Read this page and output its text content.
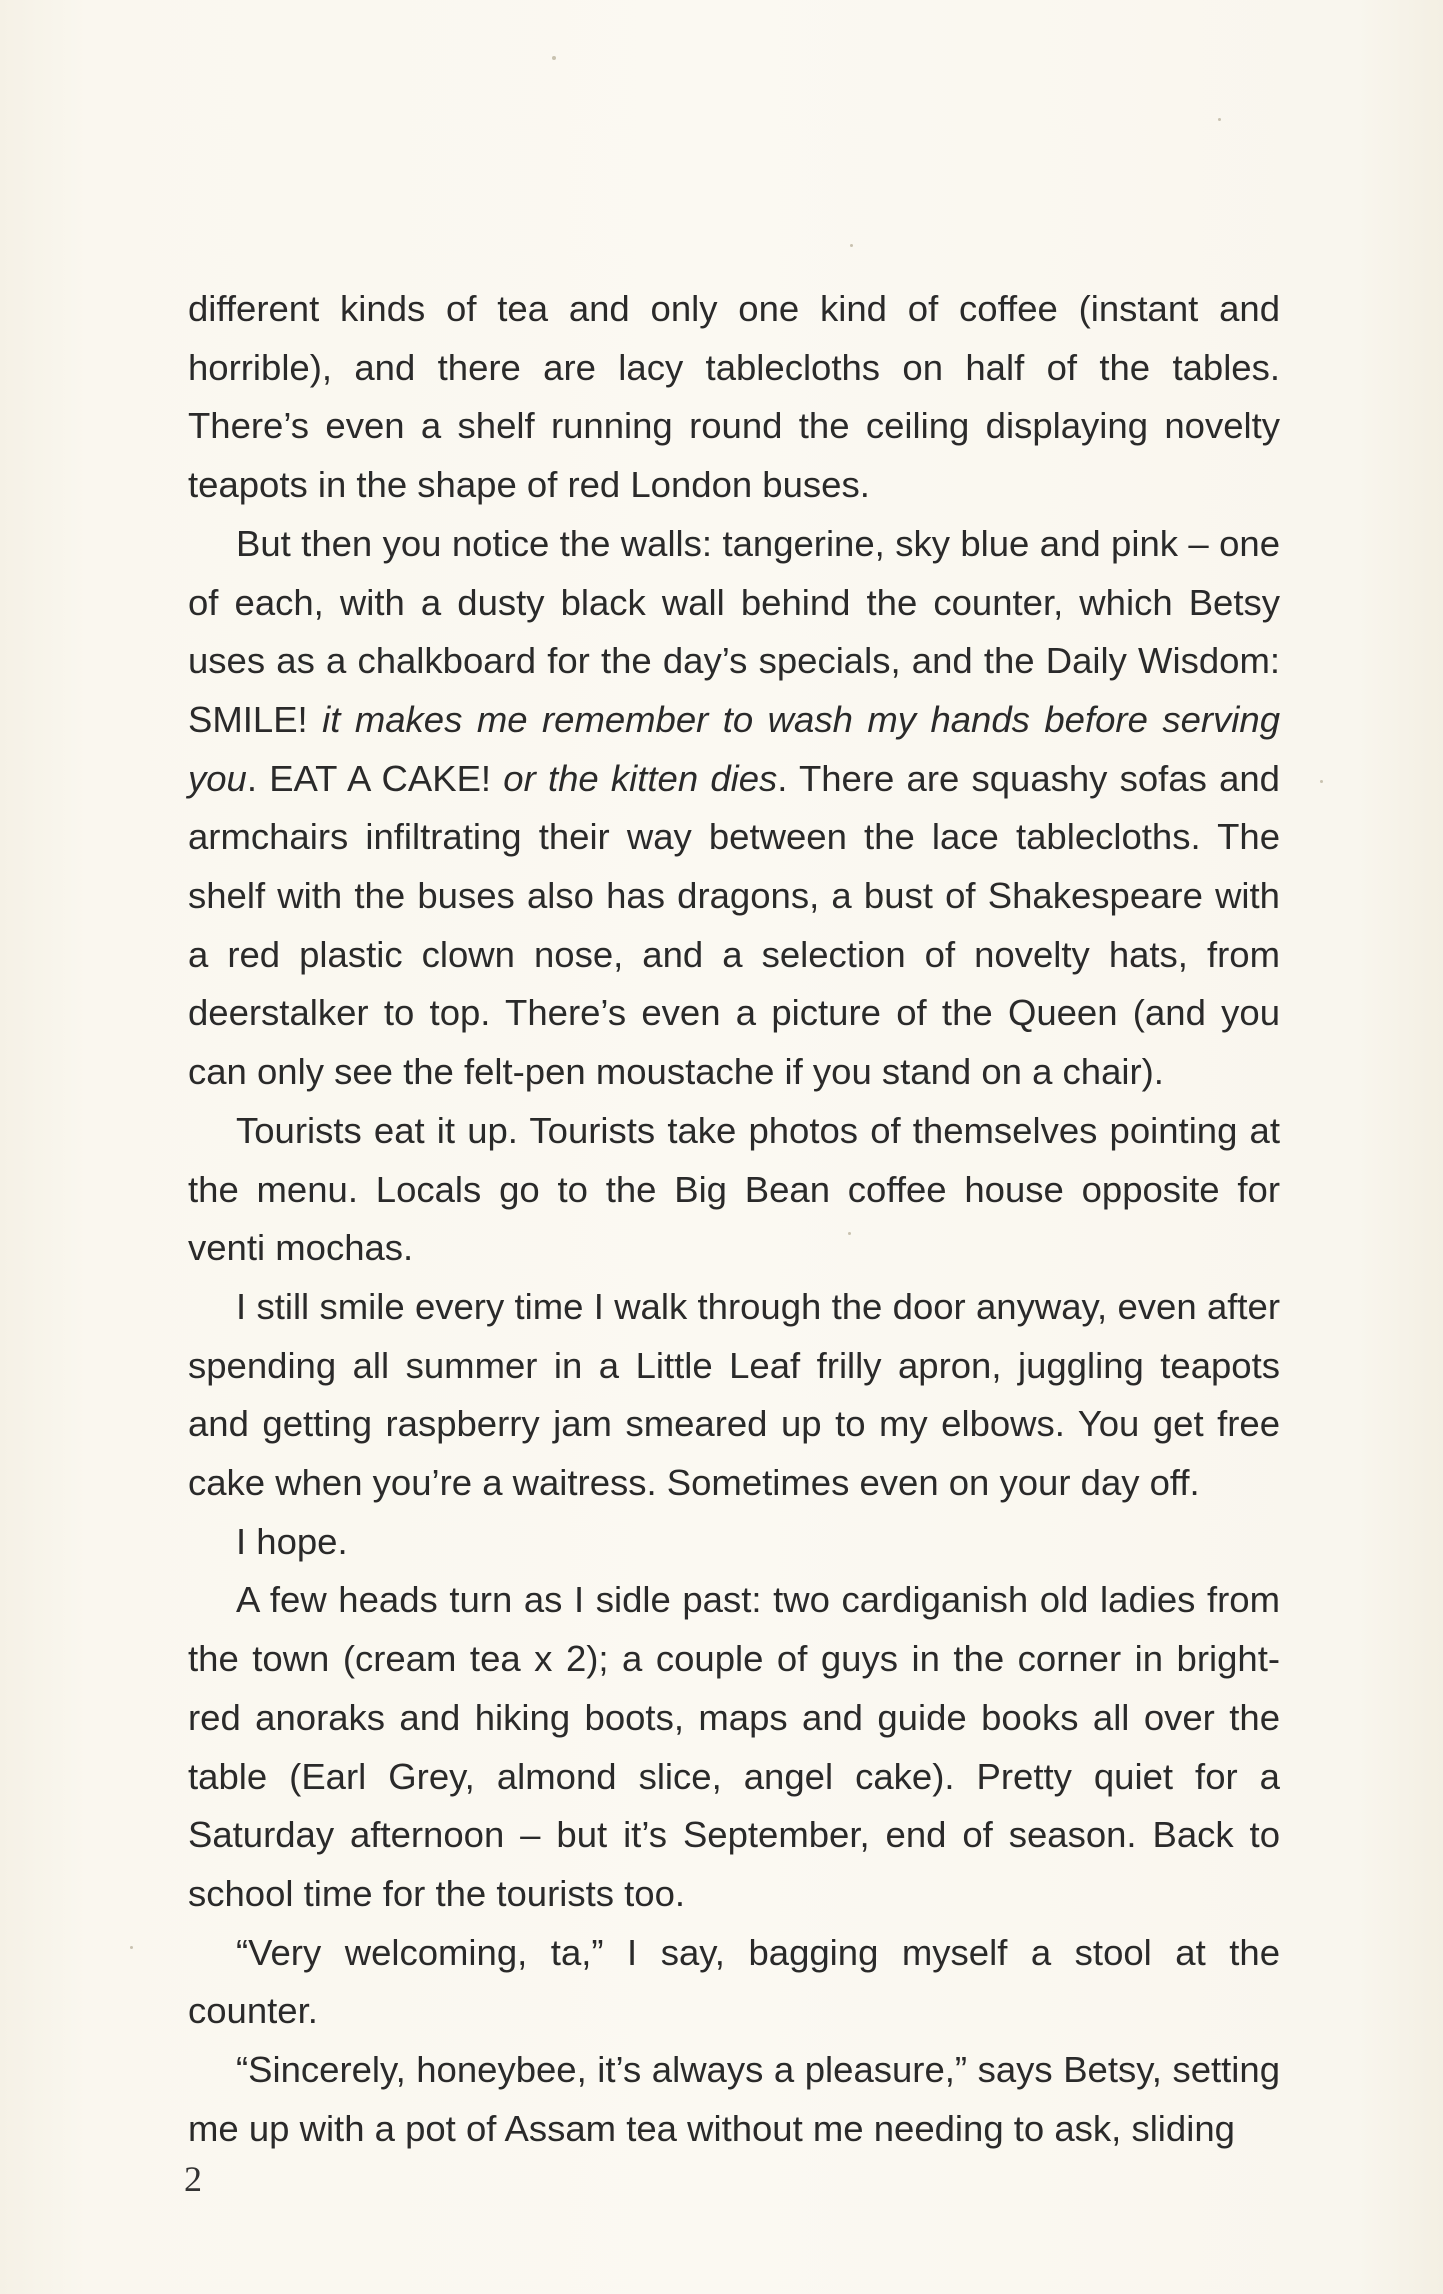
different kinds of tea and only one kind of coffee (instant and horrible), and there are lacy tablecloths on half of the tables. There’s even a shelf running round the ceiling displaying novelty teapots in the shape of red London buses.

But then you notice the walls: tangerine, sky blue and pink – one of each, with a dusty black wall behind the counter, which Betsy uses as a chalkboard for the day’s specials, and the Daily Wisdom: SMILE! it makes me remember to wash my hands before serving you. EAT A CAKE! or the kitten dies. There are squashy sofas and armchairs infiltrating their way between the lace tablecloths. The shelf with the buses also has dragons, a bust of Shakespeare with a red plastic clown nose, and a selection of novelty hats, from deerstalker to top. There’s even a picture of the Queen (and you can only see the felt-pen moustache if you stand on a chair).

Tourists eat it up. Tourists take photos of themselves pointing at the menu. Locals go to the Big Bean coffee house opposite for venti mochas.

I still smile every time I walk through the door anyway, even after spending all summer in a Little Leaf frilly apron, juggling teapots and getting raspberry jam smeared up to my elbows. You get free cake when you’re a waitress. Sometimes even on your day off.

I hope.

A few heads turn as I sidle past: two cardiganish old ladies from the town (cream tea x 2); a couple of guys in the corner in bright-red anoraks and hiking boots, maps and guide books all over the table (Earl Grey, almond slice, angel cake). Pretty quiet for a Saturday afternoon – but it’s September, end of season. Back to school time for the tourists too.

“Very welcoming, ta,” I say, bagging myself a stool at the counter.

“Sincerely, honeybee, it’s always a pleasure,” says Betsy, setting me up with a pot of Assam tea without me needing to ask, sliding

2
